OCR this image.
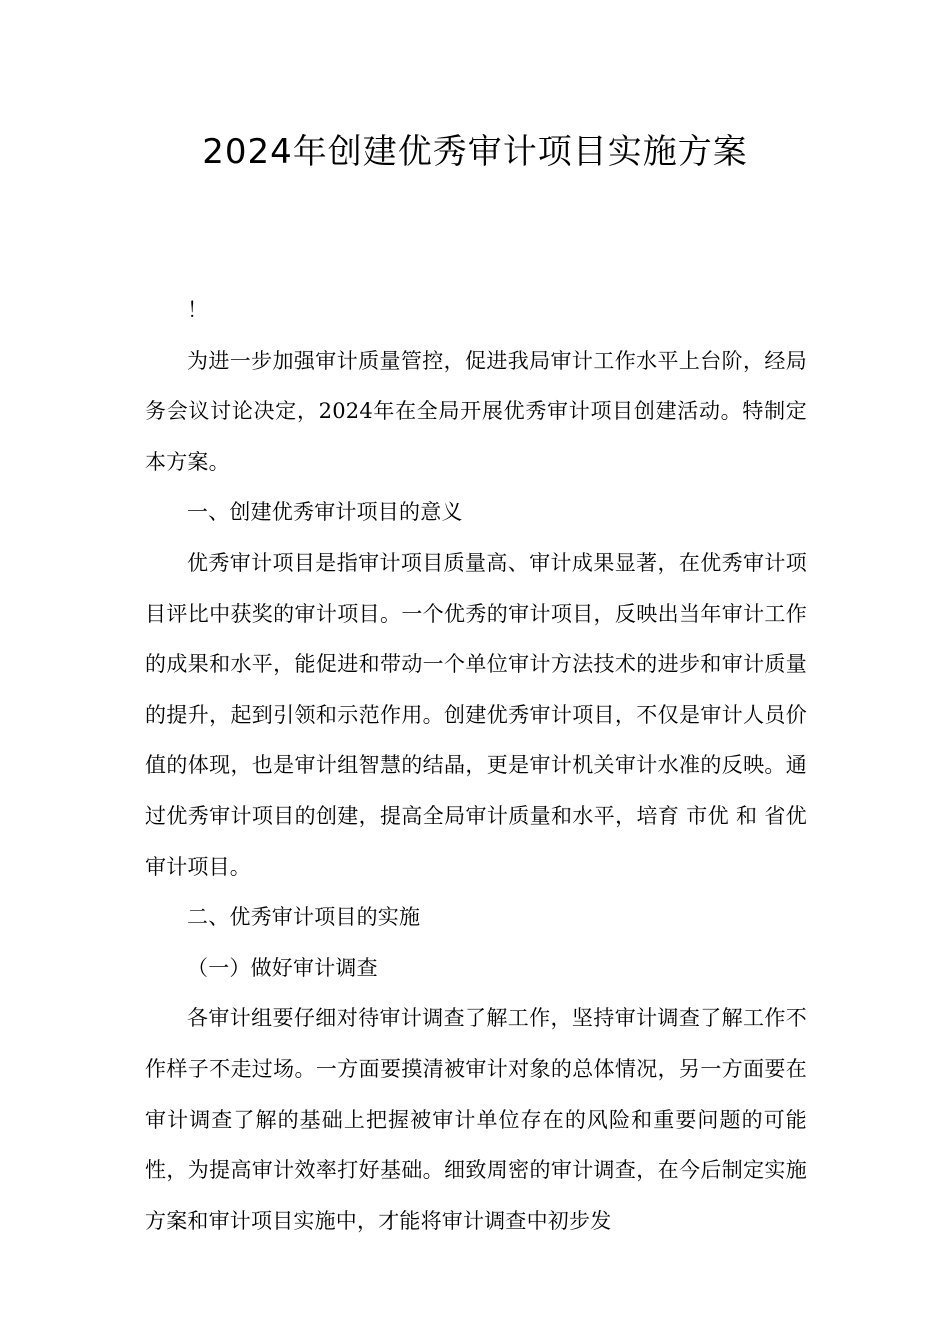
2024年创建优秀审计项目实施方案

！

为进一步加强审计质量管控，促进我局审计工作水平上台阶，经局务会议讨论决定，2024年在全局开展优秀审计项目创建活动。特制定本方案。

一、创建优秀审计项目的意义

优秀审计项目是指审计项目质量高、审计成果显著，在优秀审计项目评比中获奖的审计项目。一个优秀的审计项目，反映出当年审计工作的成果和水平，能促进和带动一个单位审计方法技术的进步和审计质量的提升，起到引领和示范作用。创建优秀审计项目，不仅是审计人员价值的体现，也是审计组智慧的结晶，更是审计机关审计水准的反映。通过优秀审计项目的创建，提高全局审计质量和水平，培育 市优 和 省优 审计项目。

二、优秀审计项目的实施

（一）做好审计调查

各审计组要仔细对待审计调查了解工作，坚持审计调查了解工作不作样子不走过场。一方面要摸清被审计对象的总体情况，另一方面要在审计调查了解的基础上把握被审计单位存在的风险和重要问题的可能性，为提高审计效率打好基础。细致周密的审计调查，在今后制定实施方案和审计项目实施中，才能将审计调查中初步发
